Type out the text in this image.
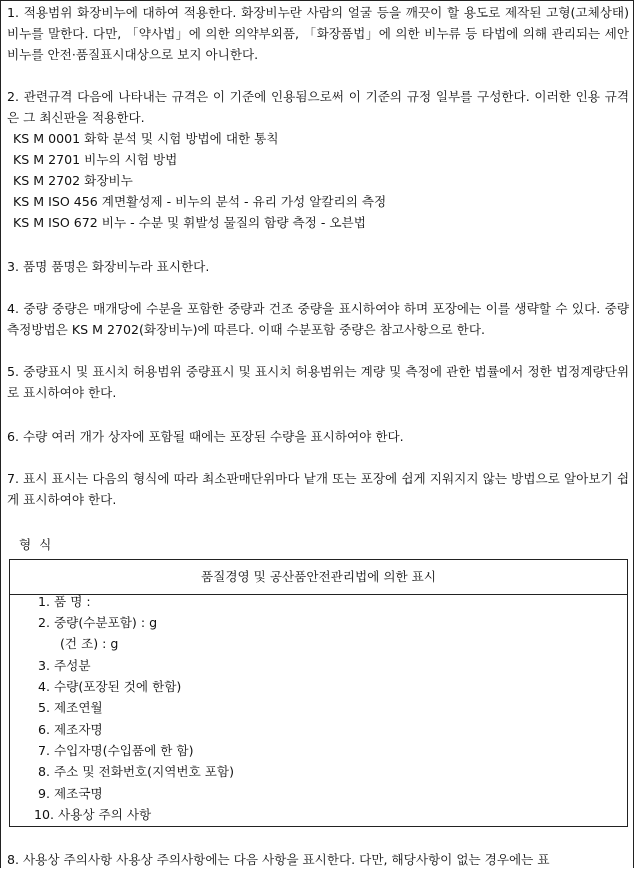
1. 적용범위 화장비누에 대하여 적용한다. 화장비누란 사람의 얼굴 등을 깨끗이 할 용도로 제작된 고형(고체상태) 비누를 말한다. 다만, 「약사법」에 의한 의약부외품, 「화장품법」에 의한 비누류 등 타법에 의해 관리되는 세안비누를 안전·품질표시대상으로 보지 아니한다.
2. 관련규격 다음에 나타내는 규격은 이 기준에 인용됨으로써 이 기준의 규정 일부를 구성한다. 이러한 인용 규격은 그 최신판을 적용한다.
KS M 0001 화학 분석 및 시험 방법에 대한 통칙
KS M 2701 비누의 시험 방법
KS M 2702 화장비누
KS M ISO 456 계면활성제 - 비누의 분석 - 유리 가성 알칼리의 측정
KS M ISO 672 비누 - 수분 및 휘발성 물질의 함량 측정 - 오븐법
3. 품명 품명은 화장비누라 표시한다.
4. 중량 중량은 매개당에 수분을 포함한 중량과 건조 중량을 표시하여야 하며 포장에는 이를 생략할 수 있다. 중량 측정방법은 KS M 2702(화장비누)에 따른다. 이때 수분포함 중량은 참고사항으로 한다.
5. 중량표시 및 표시치 허용범위 중량표시 및 표시치 허용범위는 계량 및 측정에 관한 법률에서 정한 법정계량단위로 표시하여야 한다.
6. 수량 여러 개가 상자에 포함될 때에는 포장된 수량을 표시하여야 한다.
7. 표시 표시는 다음의 형식에 따라 최소판매단위마다 낱개 또는 포장에 쉽게 지워지지 않는 방법으로 알아보기 쉽게 표시하여야 한다.
형 식
품질경영 및 공산품안전관리법에 의한 표시
1. 품 명 :
2. 중량(수분포함) : g
(건 조) : g
3. 주성분
4. 수량(포장된 것에 한함)
5. 제조연월
6. 제조자명
7. 수입자명(수입품에 한 함)
8. 주소 및 전화번호(지역번호 포함)
9. 제조국명
10. 사용상 주의 사항
8. 사용상 주의사항 사용상 주의사항에는 다음 사항을 표시한다. 다만, 해당사항이 없는 경우에는 표
